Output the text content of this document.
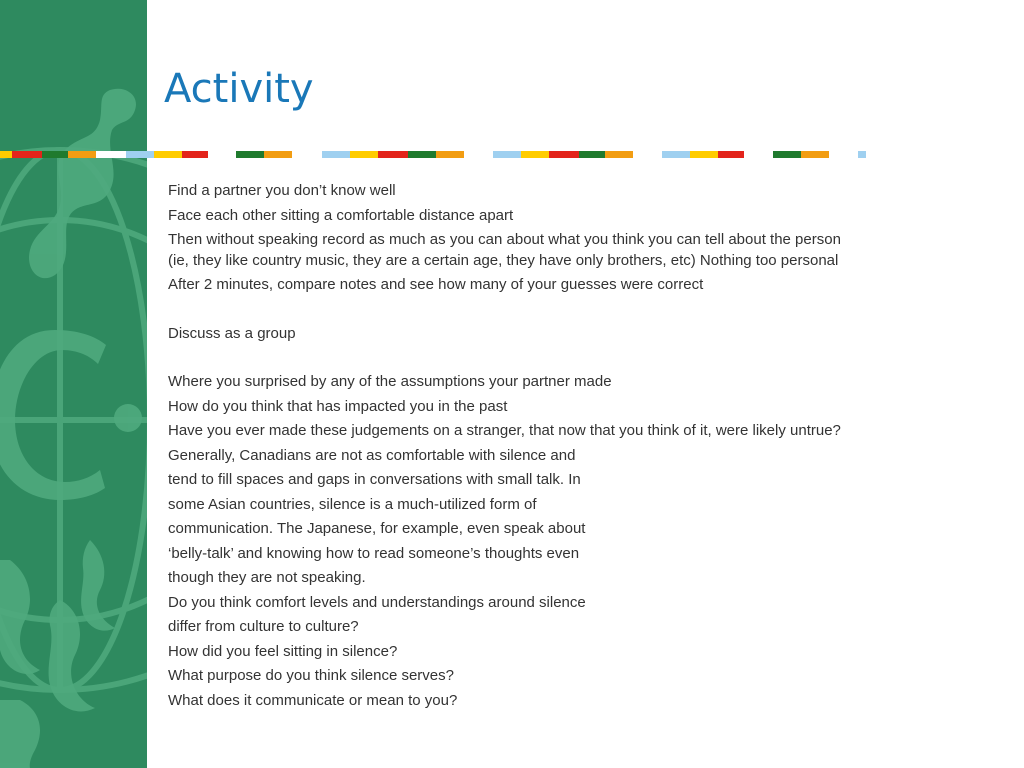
Activity

Find a partner you don’t know well

Face each other sitting a comfortable distance apart

Then without speaking record as much as you can about what you think you can tell about the person (ie, they like country music, they are a certain age, they have only brothers, etc) Nothing too personal

After 2 minutes, compare notes and see how many of your guesses were correct

Discuss as a group

Where you surprised by any of the assumptions your partner made

How do you think that has impacted you in the past

Have you ever made these judgements on a stranger, that now that you think of it, were likely untrue?

Generally, Canadians are not as comfortable with silence and

tend to fill spaces and gaps in conversations with small talk. In

some Asian countries, silence is a much-utilized form of

communication. The Japanese, for example, even speak about

‘belly-talk’ and knowing how to read someone’s thoughts even

though they are not speaking.

Do you think comfort levels and understandings around silence

differ from culture to culture?

How did you feel sitting in silence?

What purpose do you think silence serves?

What does it communicate or mean to you?
